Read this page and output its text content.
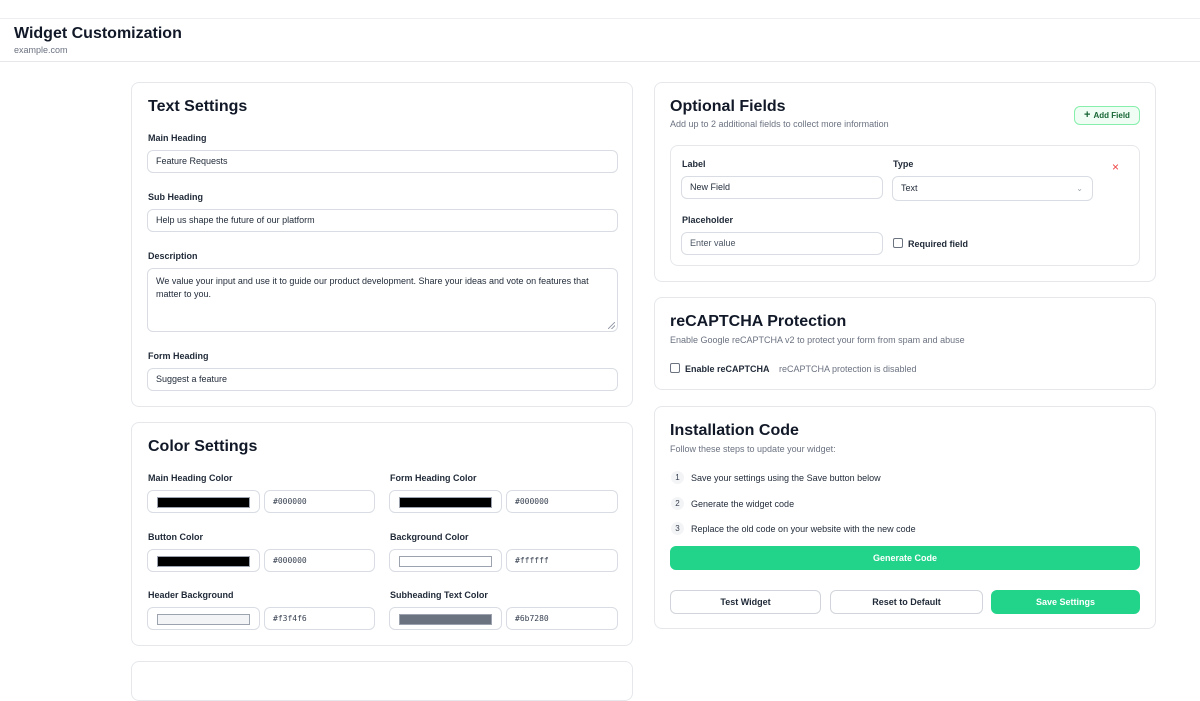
Widget Customization
example.com
Text Settings
Main Heading
Feature Requests
Sub Heading
Help us shape the future of our platform
Description
We value your input and use it to guide our product development. Share your ideas and vote on features that matter to you.
Form Heading
Suggest a feature
Color Settings
Main Heading Color
#000000
Form Heading Color
#000000
Button Color
#000000
Background Color
#ffffff
Header Background
#f3f4f6
Subheading Text Color
#6b7280
Optional Fields
Add up to 2 additional fields to collect more information
+ Add Field
Label
New Field
Type
Text	⌄
×
Placeholder
Enter value	Required field
reCAPTCHA Protection
Enable Google reCAPTCHA v2 to protect your form from spam and abuse
Enable reCAPTCHA reCAPTCHA protection is disabled
Installation Code
Follow these steps to update your widget:
1	Save your settings using the Save button below
2	Generate the widget code
3	Replace the old code on your website with the new code
Generate Code
Test Widget	Reset to Default	Save Settings
